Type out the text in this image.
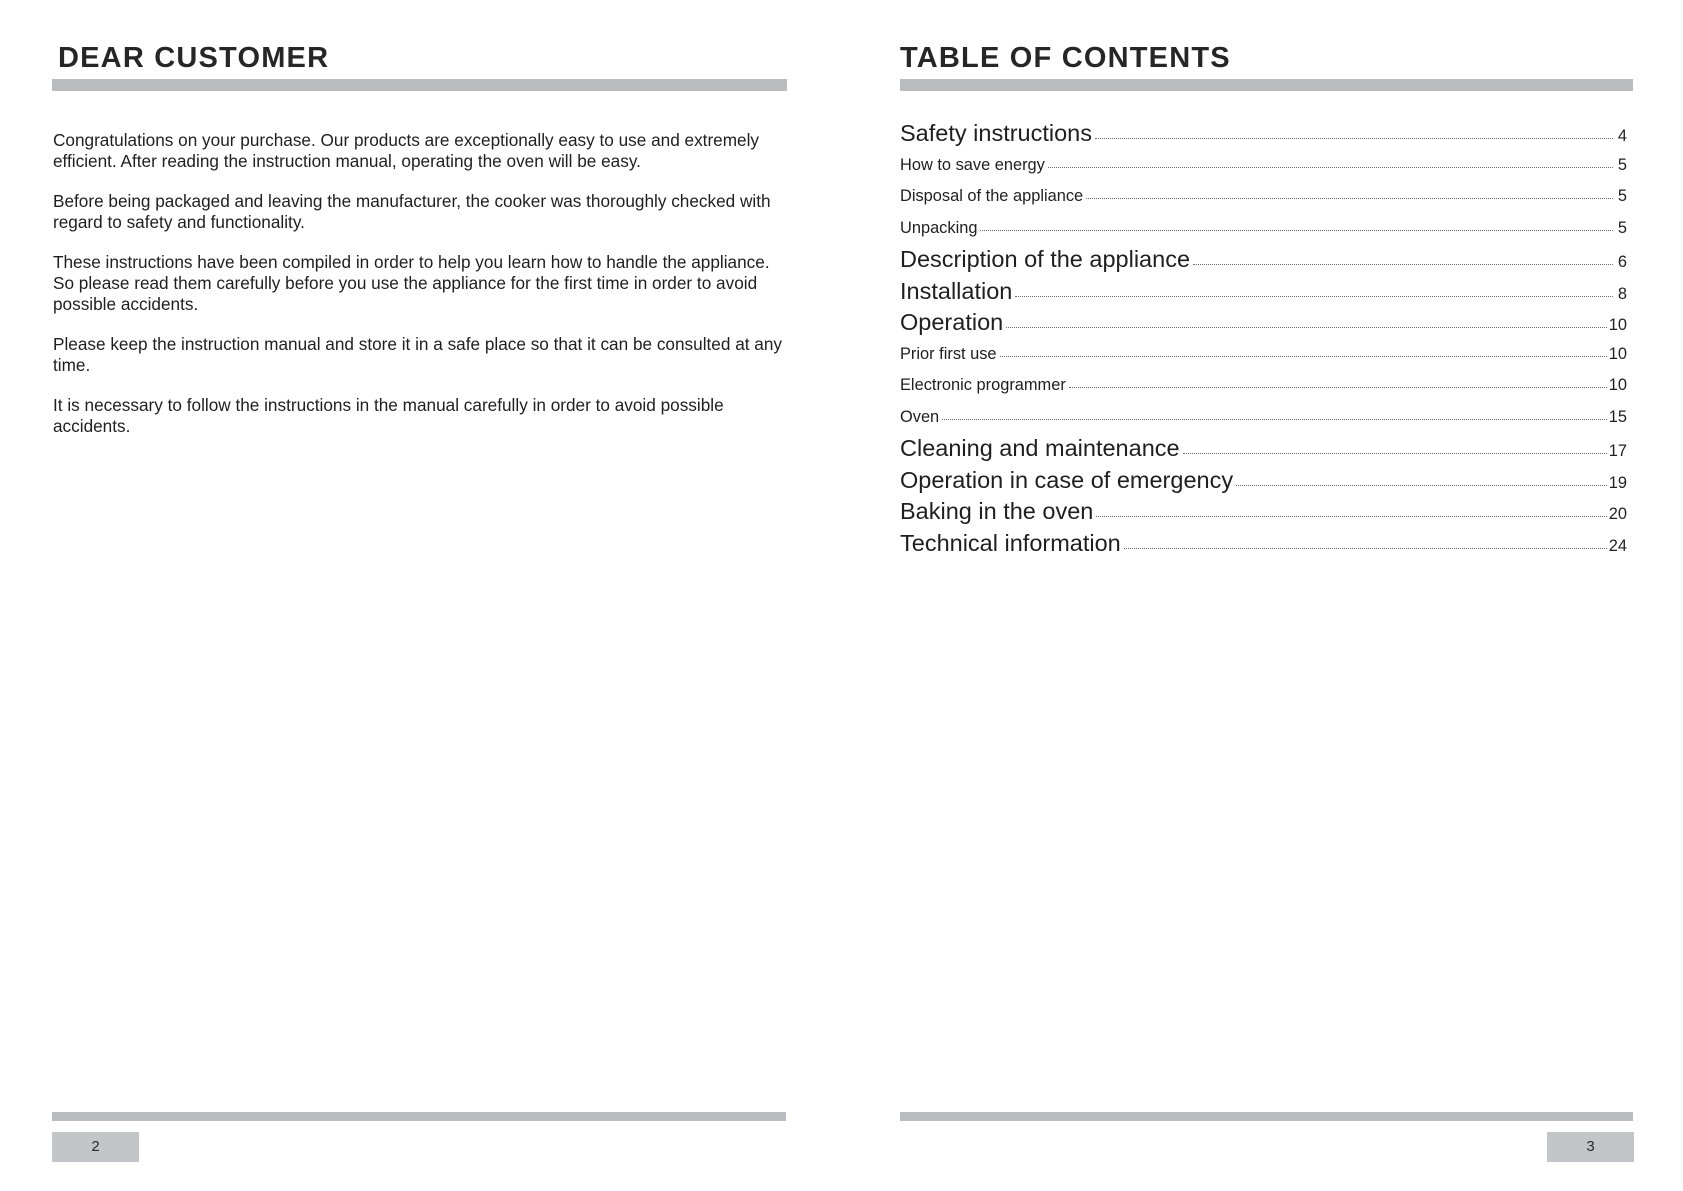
DEAR CUSTOMER

Congratulations on your purchase. Our products are exceptionally easy to use and extremely efficient. After reading the instruction manual, operating the oven will be easy.

Before being packaged and leaving the manufacturer, the cooker was thoroughly checked with regard to safety and functionality.

These instructions have been compiled in order to help you learn how to handle the appliance. So please read them carefully before you use the appliance for the first time in order to avoid possible accidents.

Please keep the instruction manual and store it in a safe place so that it can be consulted at any time.

It is necessary to follow the instructions in the manual carefully in order to avoid possible accidents.

2
TABLE OF CONTENTS
Safety instructions	4
How to save energy	5
Disposal of the appliance	5
Unpacking	5
Description of the appliance	6
Installation	8
Operation	10
Prior first use	10
Electronic programmer	10
Oven	15
Cleaning and maintenance	17
Operation in case of emergency	19
Baking in the oven	20
Technical information	24
3
